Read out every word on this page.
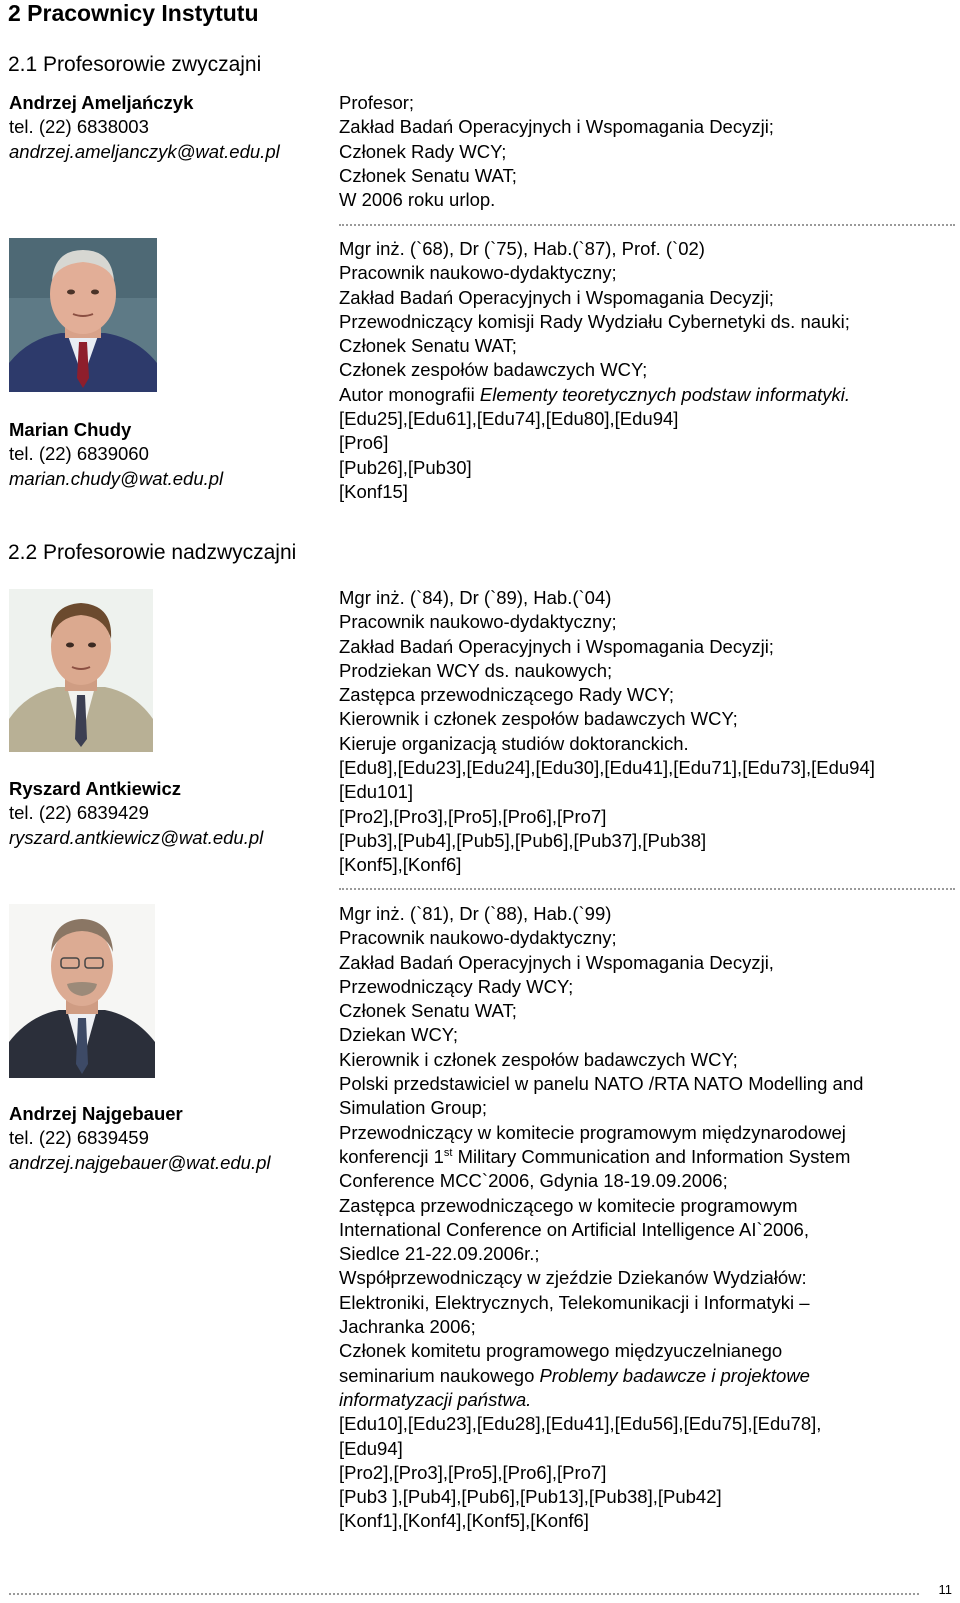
2 Pracownicy Instytutu
2.1 Profesorowie zwyczajni
Andrzej Ameljańczyk
tel. (22) 6838003
andrzej.ameljanczyk@wat.edu.pl
Profesor;
Zakład Badań Operacyjnych i Wspomagania Decyzji;
Członek Rady WCY;
Członek Senatu WAT;
W 2006 roku urlop.
Marian Chudy
tel. (22) 6839060
marian.chudy@wat.edu.pl
Mgr inż. (`68), Dr (`75), Hab.(`87), Prof. (`02)
Pracownik naukowo-dydaktyczny;
Zakład Badań Operacyjnych i Wspomagania Decyzji;
Przewodniczący komisji Rady Wydziału Cybernetyki ds. nauki;
Członek Senatu WAT;
Członek zespołów badawczych WCY;
Autor monografii Elementy teoretycznych podstaw informatyki.
[Edu25],[Edu61],[Edu74],[Edu80],[Edu94]
[Pro6]
[Pub26],[Pub30]
[Konf15]
2.2 Profesorowie nadzwyczajni
Ryszard Antkiewicz
tel. (22) 6839429
ryszard.antkiewicz@wat.edu.pl
Mgr inż. (`84), Dr (`89), Hab.(`04)
Pracownik naukowo-dydaktyczny;
Zakład Badań Operacyjnych i Wspomagania Decyzji;
Prodziekan WCY ds. naukowych;
Zastępca przewodniczącego Rady WCY;
Kierownik i członek zespołów badawczych WCY;
Kieruje organizacją studiów doktoranckich.
[Edu8],[Edu23],[Edu24],[Edu30],[Edu41],[Edu71],[Edu73],[Edu94]
[Edu101]
[Pro2],[Pro3],[Pro5],[Pro6],[Pro7]
[Pub3],[Pub4],[Pub5],[Pub6],[Pub37],[Pub38]
[Konf5],[Konf6]
Andrzej Najgebauer
tel. (22) 6839459
andrzej.najgebauer@wat.edu.pl
Mgr inż. (`81), Dr (`88), Hab.(`99)
Pracownik naukowo-dydaktyczny;
Zakład Badań Operacyjnych i Wspomagania Decyzji,
Przewodniczący Rady WCY;
Członek Senatu WAT;
Dziekan WCY;
Kierownik i członek zespołów badawczych WCY;
Polski przedstawiciel w panelu NATO /RTA NATO Modelling and
Simulation Group;
Przewodniczący w komitecie programowym międzynarodowej
konferencji 1st Military Communication and Information System
Conference MCC`2006, Gdynia 18-19.09.2006;
Zastępca przewodniczącego w komitecie programowym
International Conference on Artificial Intelligence AI`2006,
Siedlce 21-22.09.2006r.;
Współprzewodniczący w zjeździe Dziekanów Wydziałów:
Elektroniki, Elektrycznych, Telekomunikacji i Informatyki –
Jachranka 2006;
Członek komitetu programowego międzyuczelnianego
seminarium naukowego Problemy badawcze i projektowe
informatyzacji państwa.
[Edu10],[Edu23],[Edu28],[Edu41],[Edu56],[Edu75],[Edu78],
[Edu94]
[Pro2],[Pro3],[Pro5],[Pro6],[Pro7]
[Pub3 ],[Pub4],[Pub6],[Pub13],[Pub38],[Pub42]
[Konf1],[Konf4],[Konf5],[Konf6]
11
